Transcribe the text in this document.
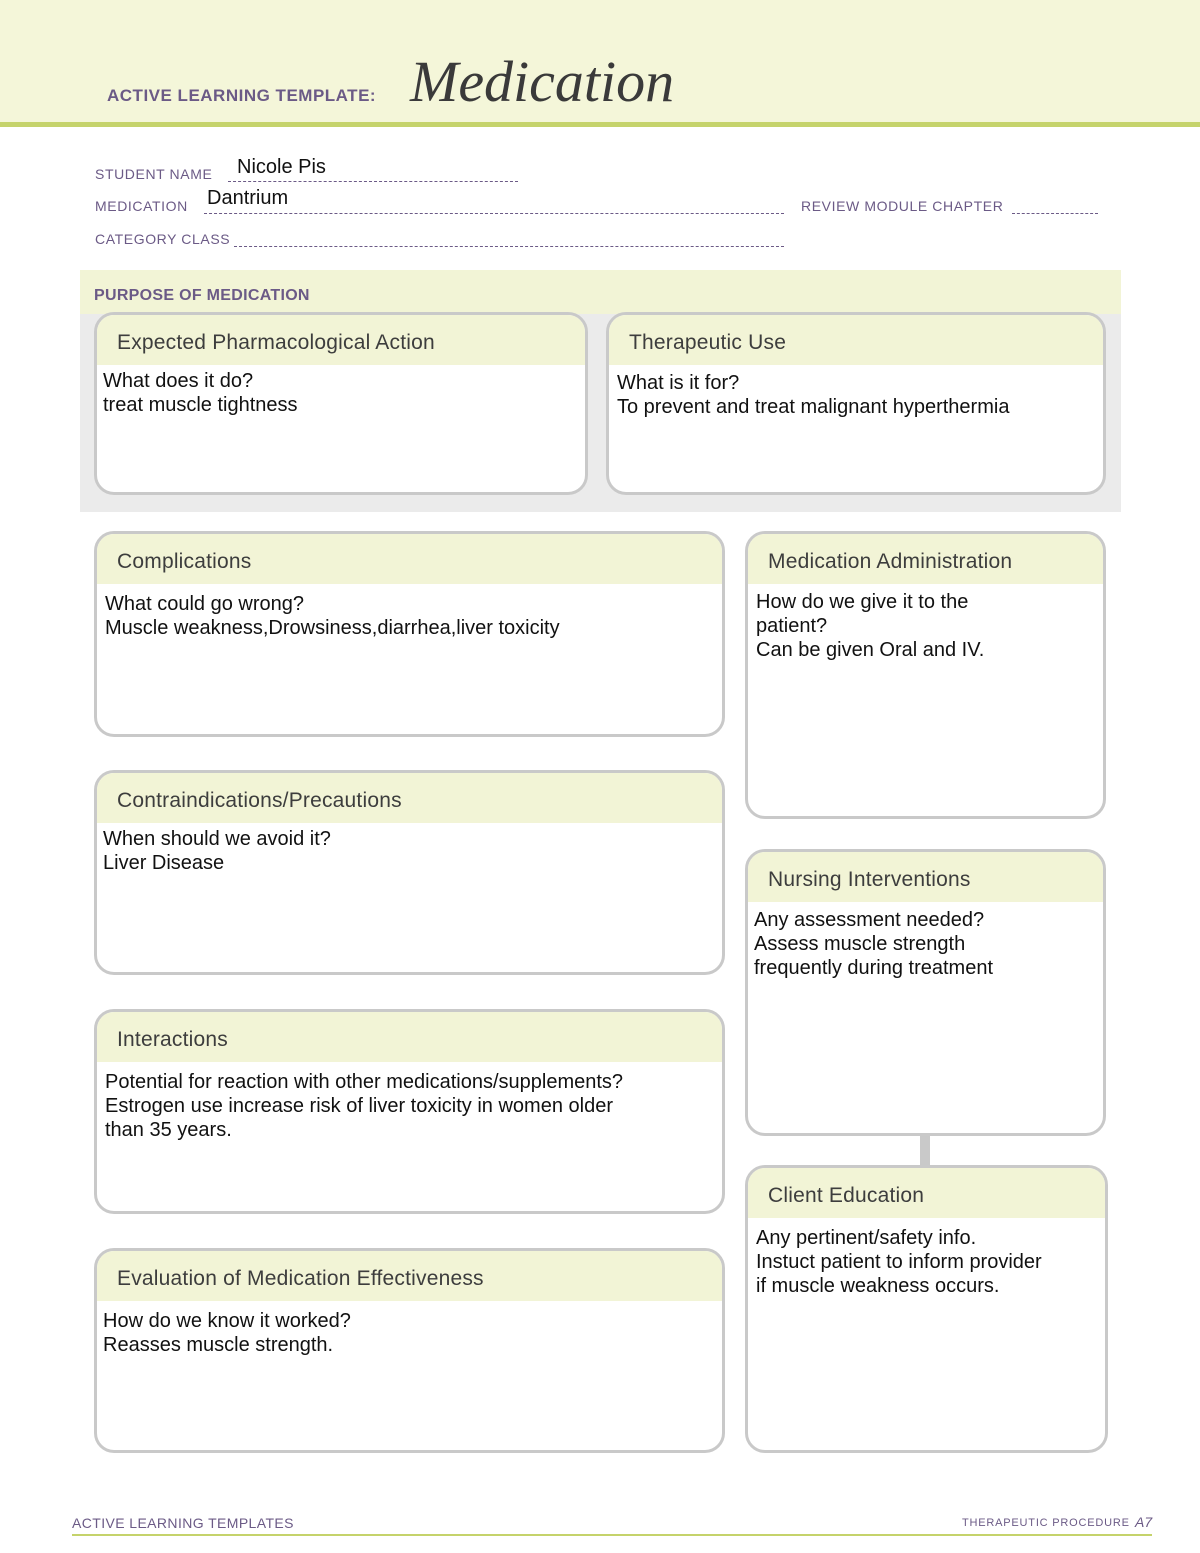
ACTIVE LEARNING TEMPLATE: Medication
STUDENT NAME Nicole Pis
MEDICATION Dantrium	REVIEW MODULE CHAPTER
CATEGORY CLASS
PURPOSE OF MEDICATION
Expected Pharmacological Action
What does it do?
treat muscle tightness
Therapeutic Use
What is it for?
To prevent and treat malignant hyperthermia
Complications
What could go wrong?
Muscle weakness,Drowsiness,diarrhea,liver toxicity
Contraindications/Precautions
When should we avoid it?
Liver Disease
Interactions
Potential for reaction with other medications/supplements?
Estrogen use increase risk of liver toxicity in women older
than 35 years.
Evaluation of Medication Effectiveness
How do we know it worked?
Reasses muscle strength.
Medication Administration
How do we give it to the
patient?
Can be given Oral and IV.
Nursing Interventions
Any assessment needed?
Assess muscle strength
frequently during treatment
Client Education
Any pertinent/safety info.
Instuct patient to inform provider
if muscle weakness occurs.
ACTIVE LEARNING TEMPLATES	THERAPEUTIC PROCEDURE A7
